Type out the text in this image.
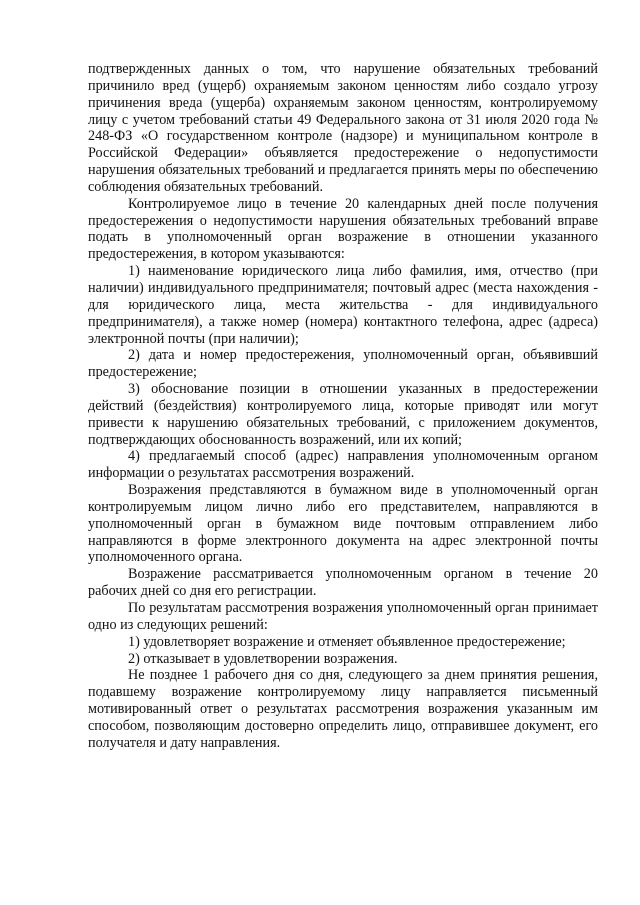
подтвержденных данных о том, что нарушение обязательных требований причинило вред (ущерб) охраняемым законом ценностям либо создало угрозу причинения вреда (ущерба) охраняемым законом ценностям, контролируемому лицу с учетом требований статьи 49 Федерального закона от 31 июля 2020 года № 248-ФЗ «О государственном контроле (надзоре) и муниципальном контроле в Российской Федерации» объявляется предостережение о недопустимости нарушения обязательных требований и предлагается принять меры по обеспечению соблюдения обязательных требований.

Контролируемое лицо в течение 20 календарных дней после получения предостережения о недопустимости нарушения обязательных требований вправе подать в уполномоченный орган возражение в отношении указанного предостережения, в котором указываются:

1) наименование юридического лица либо фамилия, имя, отчество (при наличии) индивидуального предпринимателя; почтовый адрес (места нахождения - для юридического лица, места жительства - для индивидуального предпринимателя), а также номер (номера) контактного телефона, адрес (адреса) электронной почты (при наличии);

2) дата и номер предостережения, уполномоченный орган, объявивший предостережение;

3) обоснование позиции в отношении указанных в предостережении действий (бездействия) контролируемого лица, которые приводят или могут привести к нарушению обязательных требований, с приложением документов, подтверждающих обоснованность возражений, или их копий;

4) предлагаемый способ (адрес) направления уполномоченным органом информации о результатах рассмотрения возражений.

Возражения представляются в бумажном виде в уполномоченный орган контролируемым лицом лично либо его представителем, направляются в уполномоченный орган в бумажном виде почтовым отправлением либо направляются в форме электронного документа на адрес электронной почты уполномоченного органа.

Возражение рассматривается уполномоченным органом в течение 20 рабочих дней со дня его регистрации.

По результатам рассмотрения возражения уполномоченный орган принимает одно из следующих решений:

1) удовлетворяет возражение и отменяет объявленное предостережение;

2) отказывает в удовлетворении возражения.

Не позднее 1 рабочего дня со дня, следующего за днем принятия решения, подавшему возражение контролируемому лицу направляется письменный мотивированный ответ о результатах рассмотрения возражения указанным им способом, позволяющим достоверно определить лицо, отправившее документ, его получателя и дату направления.
